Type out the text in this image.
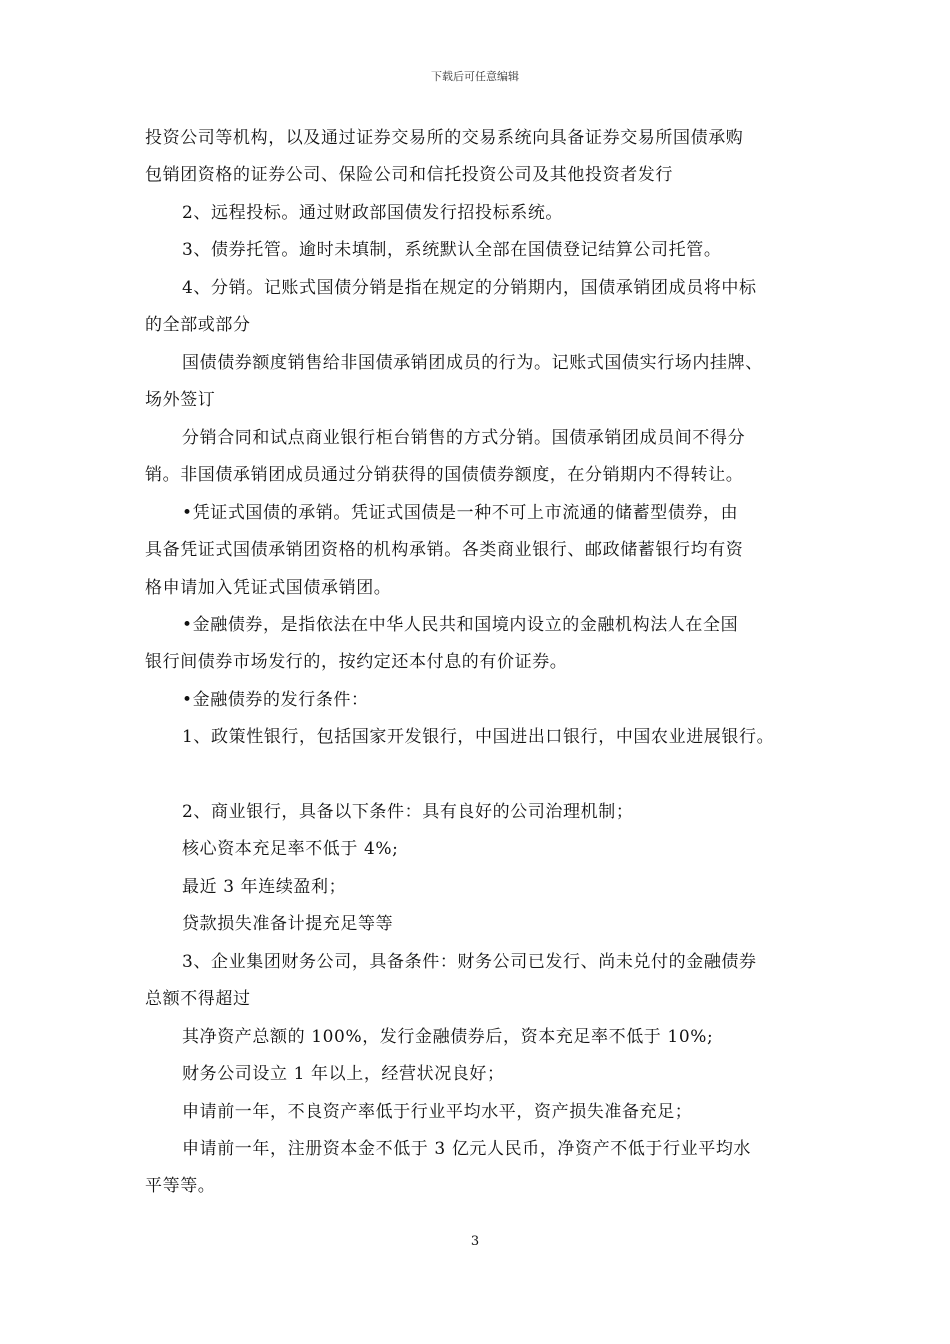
下载后可任意编辑
投资公司等机构，以及通过证券交易所的交易系统向具备证券交易所国债承购
包销团资格的证券公司、保险公司和信托投资公司及其他投资者发行
2、远程投标。通过财政部国债发行招投标系统。
3、债券托管。逾时未填制，系统默认全部在国债登记结算公司托管。
4、分销。记账式国债分销是指在规定的分销期内，国债承销团成员将中标
的全部或部分
国债债券额度销售给非国债承销团成员的行为。记账式国债实行场内挂牌、
场外签订
分销合同和试点商业银行柜台销售的方式分销。国债承销团成员间不得分
销。非国债承销团成员通过分销获得的国债债券额度，在分销期内不得转让。
•凭证式国债的承销。凭证式国债是一种不可上市流通的储蓄型债券，由
具备凭证式国债承销团资格的机构承销。各类商业银行、邮政储蓄银行均有资
格申请加入凭证式国债承销团。
•金融债券，是指依法在中华人民共和国境内设立的金融机构法人在全国
银行间债券市场发行的，按约定还本付息的有价证券。
•金融债券的发行条件：
1、政策性银行，包括国家开发银行，中国进出口银行，中国农业进展银行。
2、商业银行，具备以下条件：具有良好的公司治理机制；
核心资本充足率不低于 4%;
最近 3 年连续盈利；
贷款损失准备计提充足等等
3、企业集团财务公司，具备条件：财务公司已发行、尚未兑付的金融债券
总额不得超过
其净资产总额的 100%，发行金融债券后，资本充足率不低于 10%;
财务公司设立 1 年以上，经营状况良好；
申请前一年，不良资产率低于行业平均水平，资产损失准备充足；
申请前一年，注册资本金不低于 3 亿元人民币，净资产不低于行业平均水
平等等。
3
